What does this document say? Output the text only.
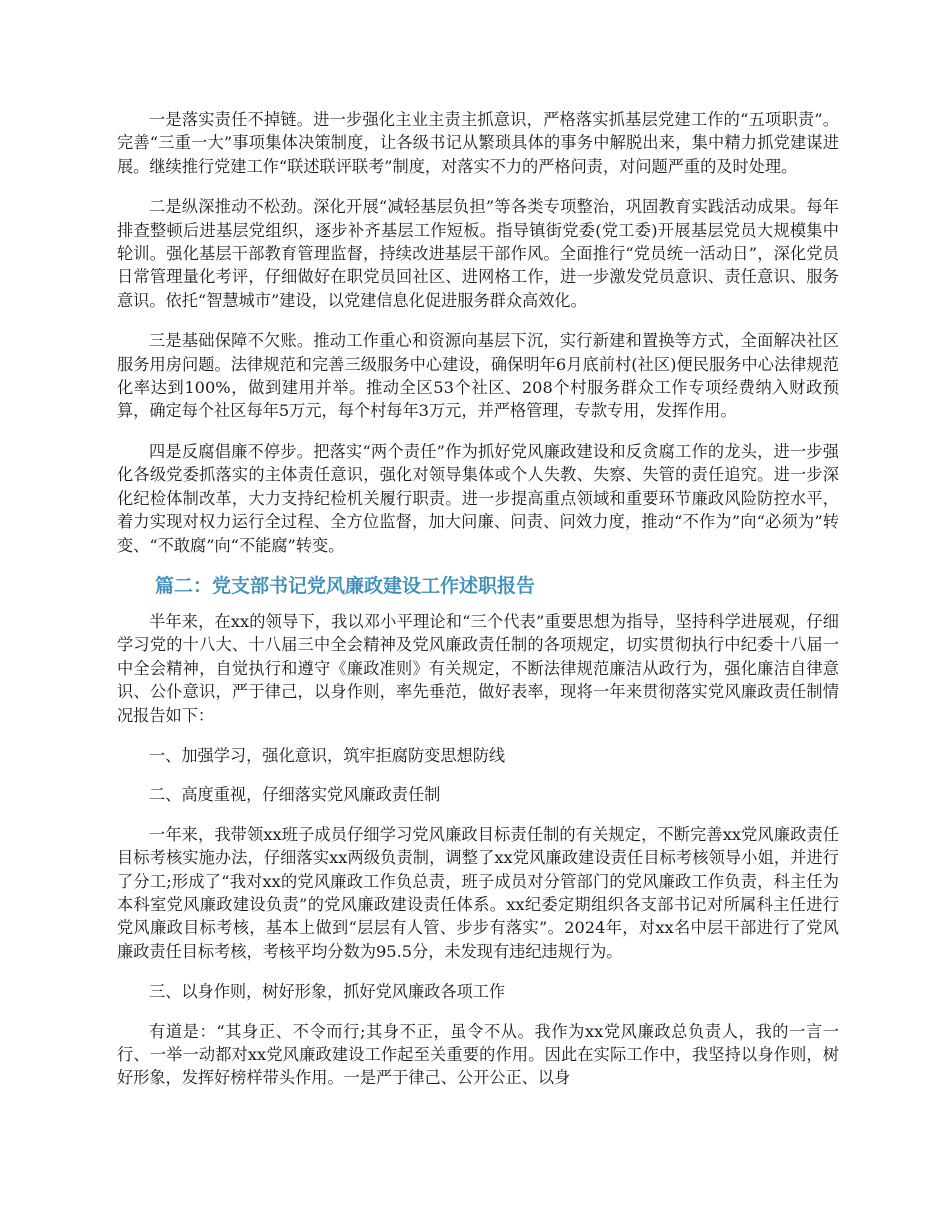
一是落实责任不掉链。进一步强化主业主责主抓意识，严格落实抓基层党建工作的“五项职责”。完善“三重一大”事项集体决策制度，让各级书记从繁琐具体的事务中解脱出来，集中精力抓党建谋进展。继续推行党建工作“联述联评联考”制度，对落实不力的严格问责，对问题严重的及时处理。

二是纵深推动不松劲。深化开展“减轻基层负担”等各类专项整治，巩固教育实践活动成果。每年排查整顿后进基层党组织，逐步补齐基层工作短板。指导镇街党委(党工委)开展基层党员大规模集中轮训。强化基层干部教育管理监督，持续改进基层干部作风。全面推行“党员统一活动日”，深化党员日常管理量化考评，仔细做好在职党员回社区、进网格工作，进一步激发党员意识、责任意识、服务意识。依托“智慧城市”建设，以党建信息化促进服务群众高效化。

三是基础保障不欠账。推动工作重心和资源向基层下沉，实行新建和置换等方式，全面解决社区服务用房问题。法律规范和完善三级服务中心建设，确保明年6月底前村(社区)便民服务中心法律规范化率达到100%，做到建用并举。推动全区53个社区、208个村服务群众工作专项经费纳入财政预算，确定每个社区每年5万元，每个村每年3万元，并严格管理，专款专用，发挥作用。

四是反腐倡廉不停步。把落实“两个责任”作为抓好党风廉政建设和反贪腐工作的龙头，进一步强化各级党委抓落实的主体责任意识，强化对领导集体或个人失教、失察、失管的责任追究。进一步深化纪检体制改革，大力支持纪检机关履行职责。进一步提高重点领域和重要环节廉政风险防控水平，着力实现对权力运行全过程、全方位监督，加大问廉、问责、问效力度，推动“不作为”向“必须为”转变、“不敢腐”向“不能腐”转变。

篇二：党支部书记党风廉政建设工作述职报告

半年来，在xx的领导下，我以邓小平理论和“三个代表”重要思想为指导，坚持科学进展观，仔细学习党的十八大、十八届三中全会精神及党风廉政责任制的各项规定，切实贯彻执行中纪委十八届一中全会精神，自觉执行和遵守《廉政准则》有关规定，不断法律规范廉洁从政行为，强化廉洁自律意识、公仆意识，严于律己，以身作则，率先垂范，做好表率，现将一年来贯彻落实党风廉政责任制情况报告如下：

一、加强学习，强化意识，筑牢拒腐防变思想防线

二、高度重视，仔细落实党风廉政责任制

一年来，我带领xx班子成员仔细学习党风廉政目标责任制的有关规定，不断完善xx党风廉政责任目标考核实施办法，仔细落实xx两级负责制，调整了xx党风廉政建设责任目标考核领导小姐，并进行了分工;形成了“我对xx的党风廉政工作负总责，班子成员对分管部门的党风廉政工作负责，科主任为本科室党风廉政建设负责”的党风廉政建设责任体系。xx纪委定期组织各支部书记对所属科主任进行党风廉政目标考核，基本上做到“层层有人管、步步有落实”。2024年，对xx名中层干部进行了党风廉政责任目标考核，考核平均分数为95.5分，未发现有违纪违规行为。

三、以身作则，树好形象，抓好党风廉政各项工作

有道是：“其身正、不令而行;其身不正，虽令不从。我作为xx党风廉政总负责人，我的一言一行、一举一动都对xx党风廉政建设工作起至关重要的作用。因此在实际工作中，我坚持以身作则，树好形象，发挥好榜样带头作用。一是严于律己、公开公正、以身
